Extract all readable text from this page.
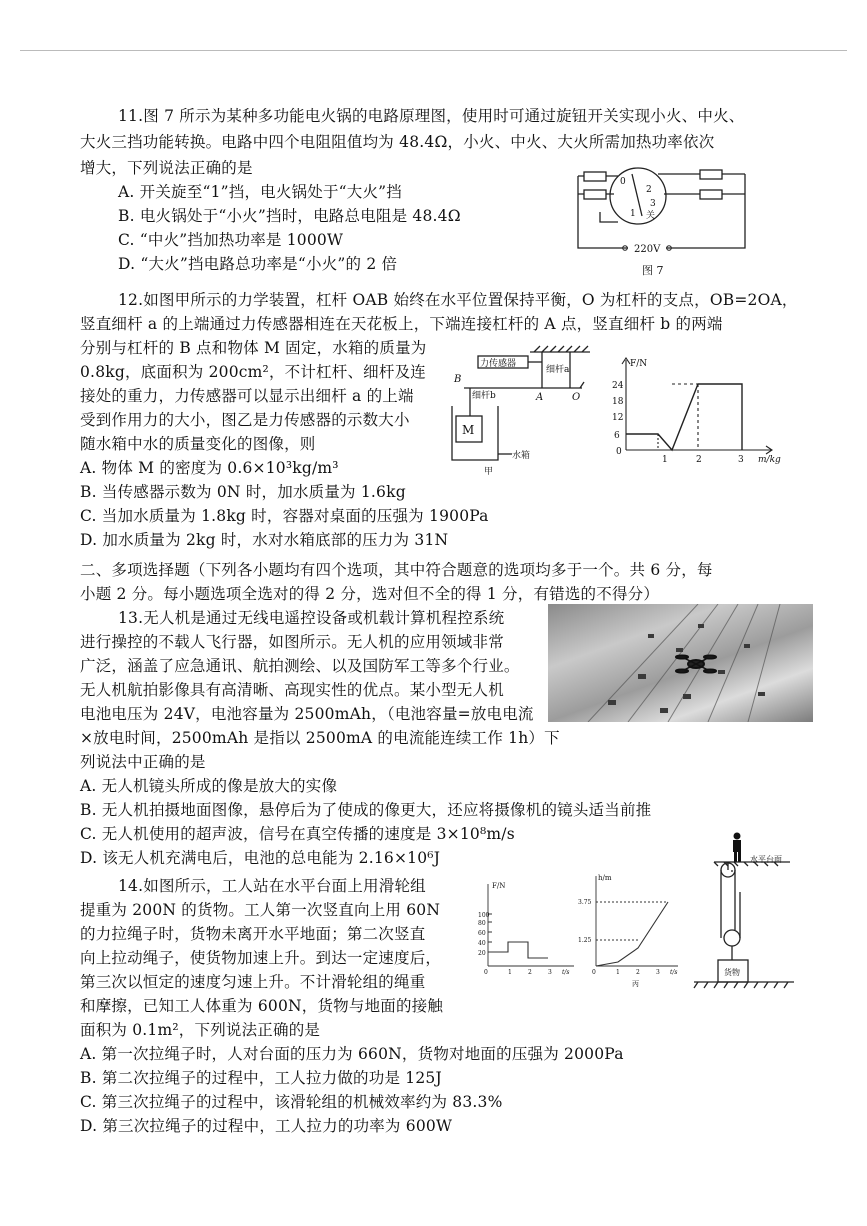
11.图 7 所示为某种多功能电火锅的电路原理图，使用时可通过旋钮开关实现小火、中火、
大火三挡功能转换。电路中四个电阻阻值均为 48.4Ω，小火、中火、大火所需加热功率依次
增大，下列说法正确的是
A. 开关旋至“1”挡，电火锅处于“大火”挡
B. 电火锅处于“小火”挡时，电路总电阻是 48.4Ω
C. “中火”挡加热功率是 1000W
D. “大火”挡电路总功率是“小火”的 2 倍
0
1
2
3
关
220V
图 7
12.如图甲所示的力学装置，杠杆 OAB 始终在水平位置保持平衡，O 为杠杆的支点，OB=2OA，
竖直细杆 a 的上端通过力传感器相连在天花板上，下端连接杠杆的 A 点，竖直细杆 b 的两端
分别与杠杆的 B 点和物体 M 固定，水箱的质量为
0.8kg，底面积为 200cm²，不计杠杆、细杆及连
接处的重力，力传感器可以显示出细杆 a 的上端
受到作用力的大小，图乙是力传感器的示数大小
随水箱中水的质量变化的图像，则
A. 物体 M 的密度为 0.6×10³kg/m³
B. 当传感器示数为 0N 时，加水质量为 1.6kg
C. 当加水质量为 1.8kg 时，容器对桌面的压强为 1900Pa
D. 加水质量为 2kg 时，水对水箱底部的压力为 31N
力传感器
细杆a
细杆b
B
A	O
M
水箱
甲
F/N
m/kg
24
18
12
6
0
1	2	3
二、多项选择题（下列各小题均有四个选项，其中符合题意的选项均多于一个。共 6 分，每
小题 2 分。每小题选项全选对的得 2 分，选对但不全的得 1 分，有错选的不得分）
13.无人机是通过无线电遥控设备或机载计算机程控系统
进行操控的不载人飞行器，如图所示。无人机的应用领域非常
广泛，涵盖了应急通讯、航拍测绘、以及国防军工等多个行业。
无人机航拍影像具有高清晰、高现实性的优点。某小型无人机
电池电压为 24V，电池容量为 2500mAh，（电池容量=放电电流
×放电时间，2500mAh 是指以 2500mA 的电流能连续工作 1h）下
列说法中正确的是
A. 无人机镜头所成的像是放大的实像
B. 无人机拍摄地面图像，悬停后为了使成的像更大，还应将摄像机的镜头适当前推
C. 无人机使用的超声波，信号在真空传播的速度是 3×10⁸m/s
D. 该无人机充满电后，电池的总电能为 2.16×10⁶J
14.如图所示，工人站在水平台面上用滑轮组
提重为 200N 的货物。工人第一次竖直向上用 60N
的力拉绳子时，货物未离开水平地面；第二次竖直
向上拉动绳子，使货物加速上升。到达一定速度后，
第三次以恒定的速度匀速上升。不计滑轮组的绳重
和摩擦，已知工人体重为 600N，货物与地面的接触
面积为 0.1m²，下列说法正确的是
A. 第一次拉绳子时，人对台面的压力为 660N，货物对地面的压强为 2000Pa
B. 第二次拉绳子的过程中，工人拉力做的功是 125J
C. 第三次拉绳子的过程中，该滑轮组的机械效率约为 83.3%
D. 第三次拉绳子的过程中，工人拉力的功率为 600W
F/N
100
80
60
40
20
0	1	2	3 t/s
h/m
3.75
1.25
0	1	2	3 t/s
丙
水平台面
货物
